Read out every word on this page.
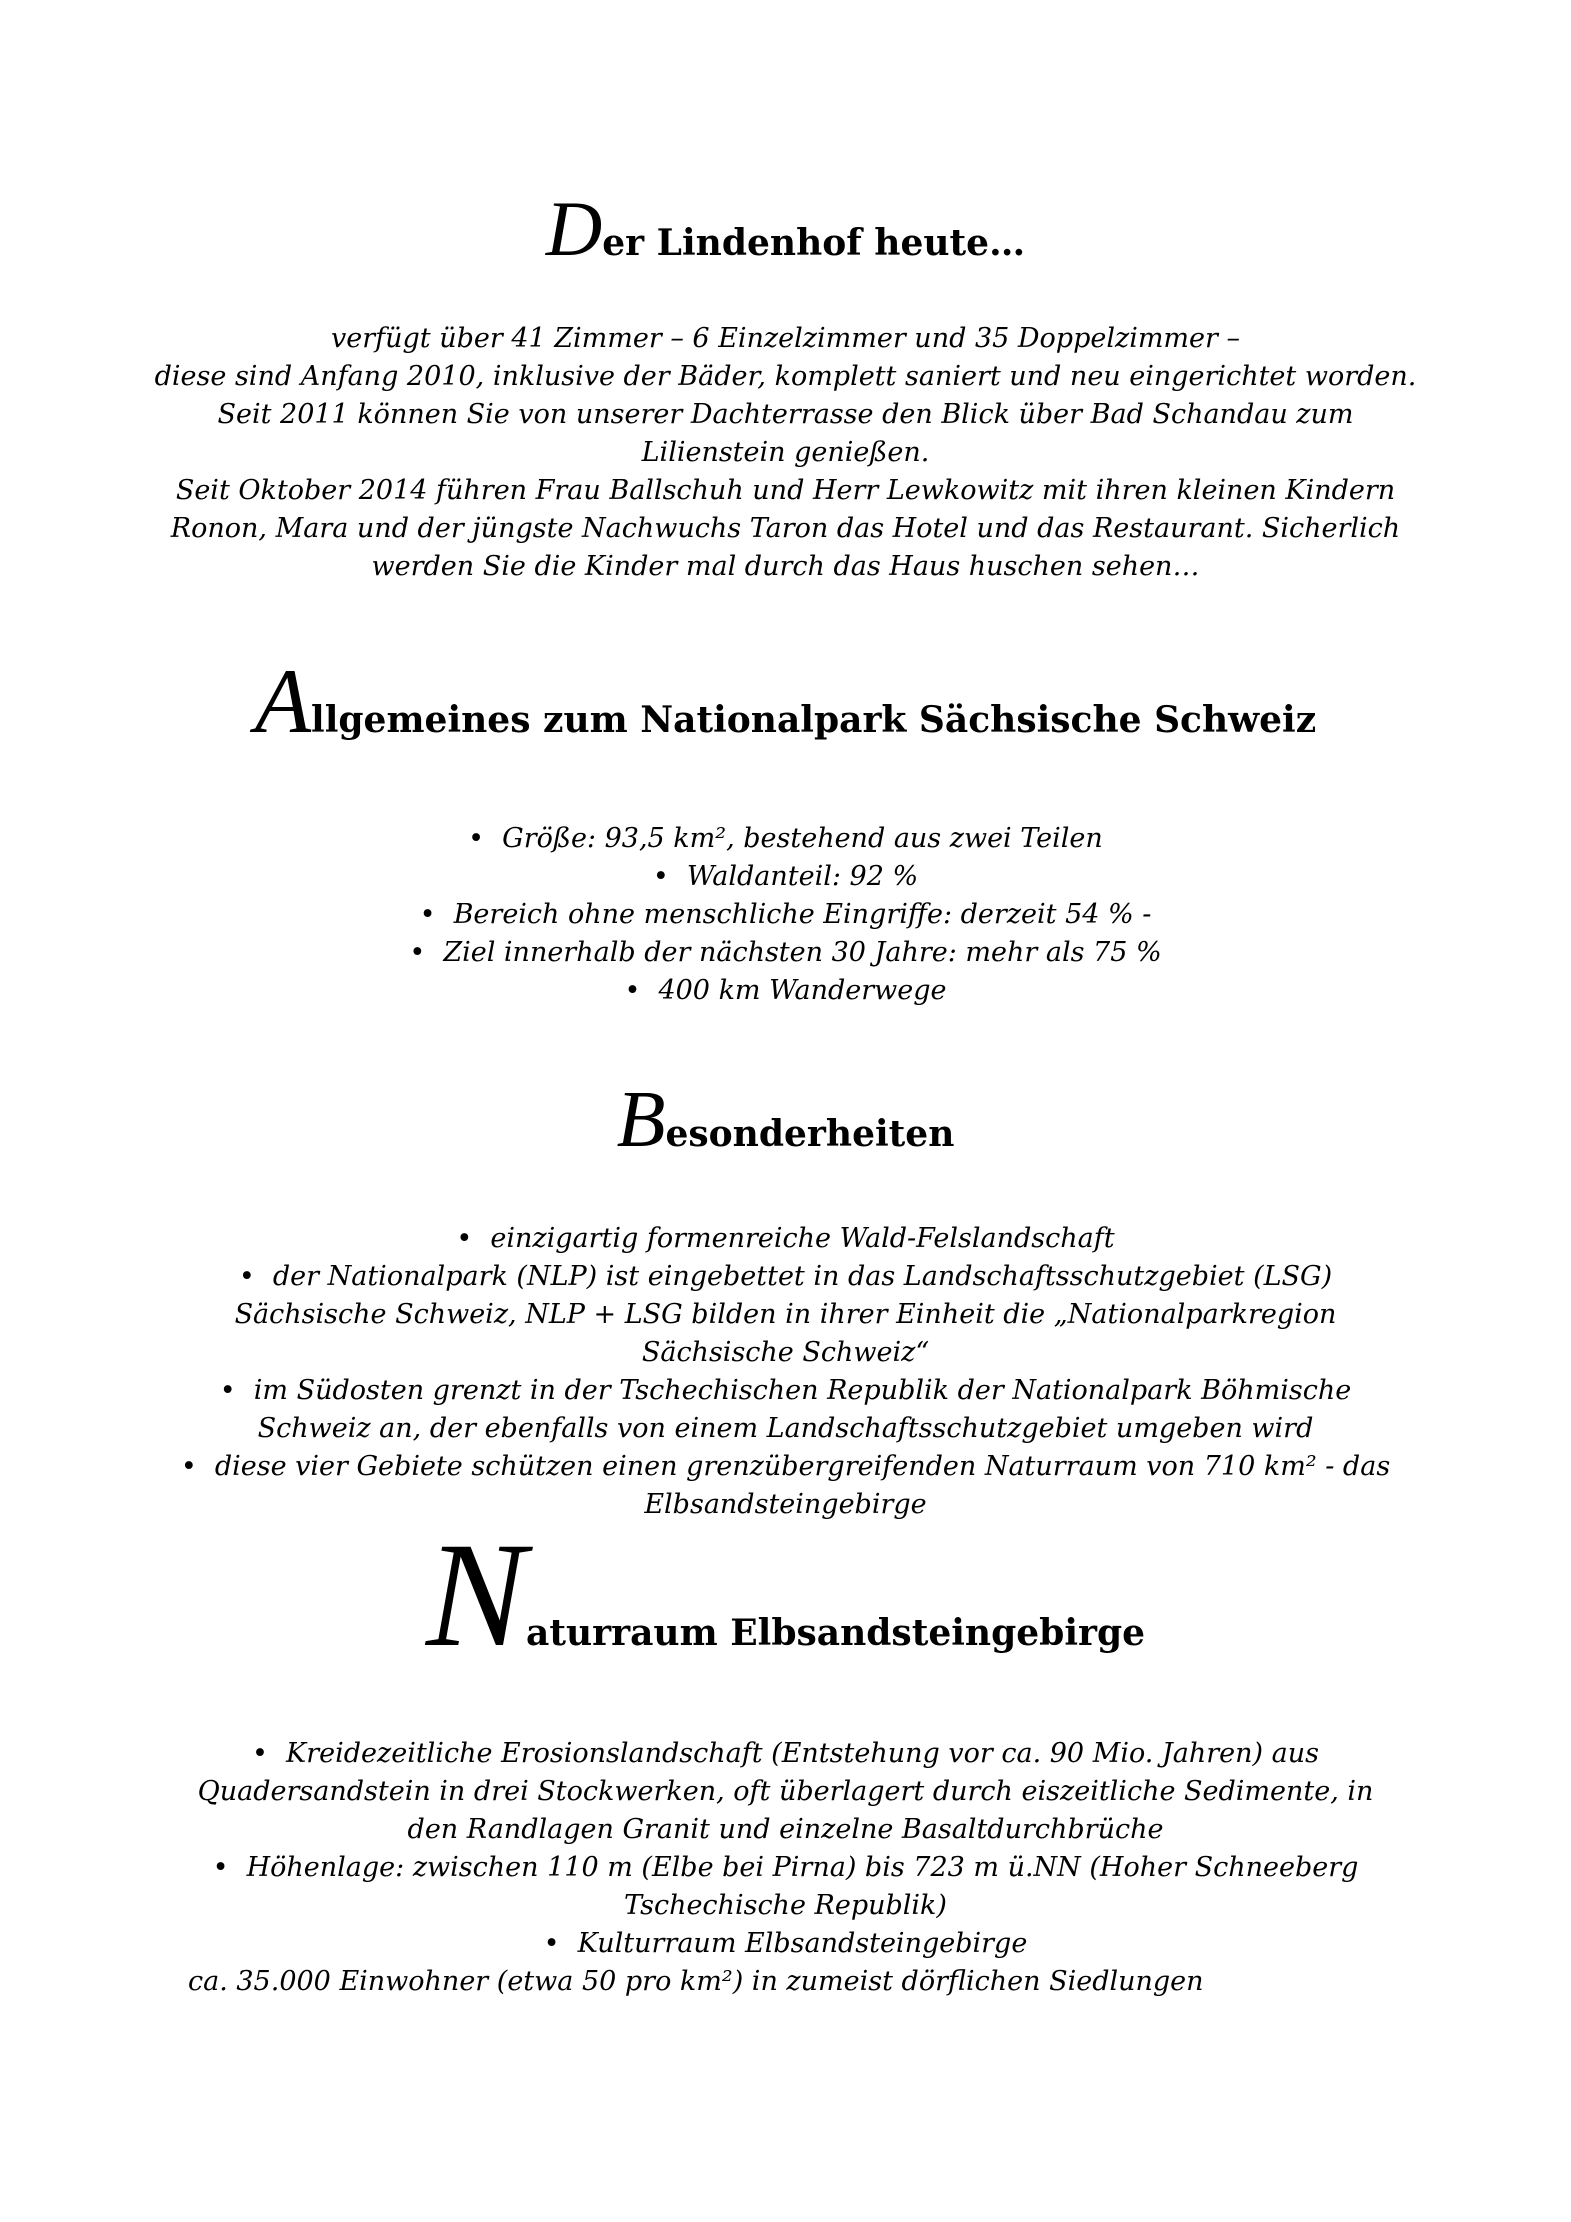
Der Lindenhof heute…
verfügt über 41 Zimmer – 6 Einzelzimmer und 35 Doppelzimmer –
diese sind Anfang 2010, inklusive der Bäder, komplett saniert und neu eingerichtet worden.
Seit 2011 können Sie von unserer Dachterrasse den Blick über Bad Schandau zum
Lilienstein genießen.
Seit Oktober 2014 führen Frau Ballschuh und Herr Lewkowitz mit ihren kleinen Kindern
Ronon, Mara und der jüngste Nachwuchs Taron das Hotel und das Restaurant. Sicherlich
werden Sie die Kinder mal durch das Haus huschen sehen…
Allgemeines zum Nationalpark Sächsische Schweiz
• Größe: 93,5 km², bestehend aus zwei Teilen
• Waldanteil: 92 %
• Bereich ohne menschliche Eingriffe: derzeit 54 % -
• Ziel innerhalb der nächsten 30 Jahre: mehr als 75 %
• 400 km Wanderwege
Besonderheiten
• einzigartig formenreiche Wald-Felslandschaft
• der Nationalpark (NLP) ist eingebettet in das Landschaftsschutzgebiet (LSG)
Sächsische Schweiz, NLP + LSG bilden in ihrer Einheit die „Nationalparkregion
Sächsische Schweiz“
• im Südosten grenzt in der Tschechischen Republik der Nationalpark Böhmische
Schweiz an, der ebenfalls von einem Landschaftsschutzgebiet umgeben wird
• diese vier Gebiete schützen einen grenzübergreifenden Naturraum von 710 km² - das
Elbsandsteingebirge
Naturraum Elbsandsteingebirge
• Kreidezeitliche Erosionslandschaft (Entstehung vor ca. 90 Mio. Jahren) aus
Quadersandstein in drei Stockwerken, oft überlagert durch eiszeitliche Sedimente, in
den Randlagen Granit und einzelne Basaltdurchbrüche
• Höhenlage: zwischen 110 m (Elbe bei Pirna) bis 723 m ü.NN (Hoher Schneeberg
Tschechische Republik)
• Kulturraum Elbsandsteingebirge
ca. 35.000 Einwohner (etwa 50 pro km²) in zumeist dörflichen Siedlungen
